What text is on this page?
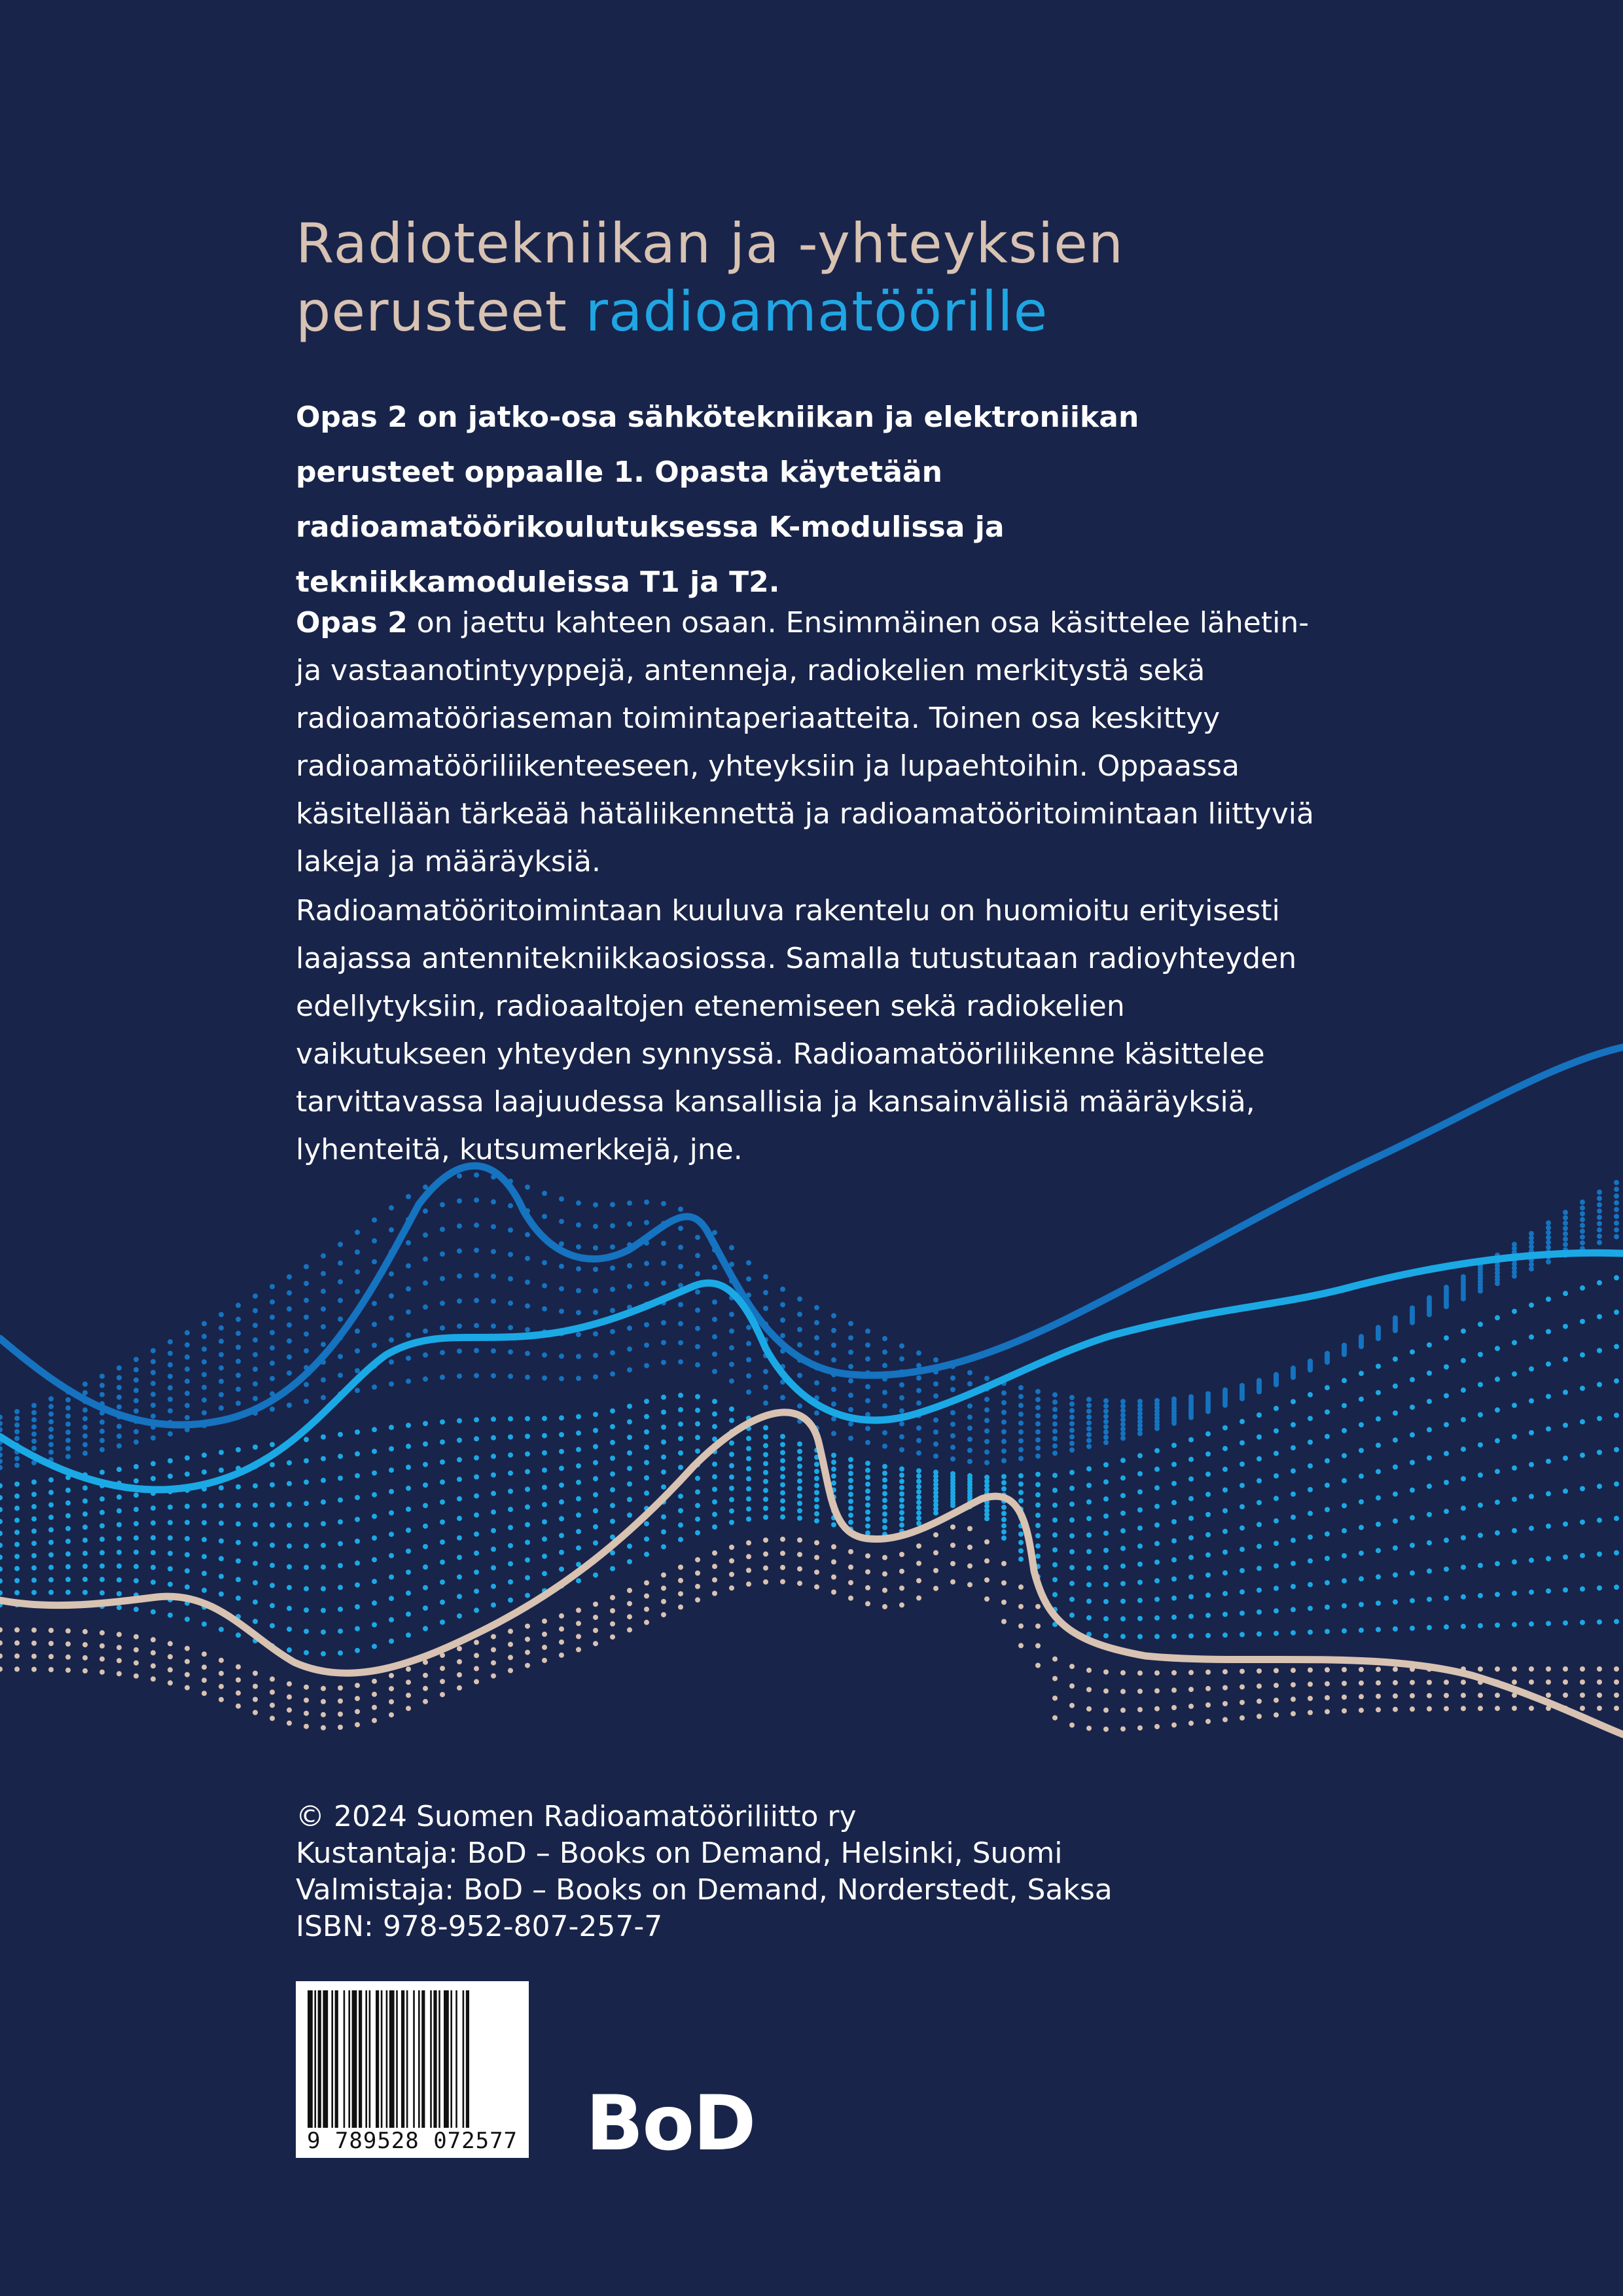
Radiotekniikan ja -yhteyksien
perusteet radioamatöörille

Opas 2 on jatko-osa sähkötekniikan ja elektroniikan perusteet oppaalle 1. Opasta käytetään radioamatöörikoulutuksessa K-modulissa ja tekniikkamoduleissa T1 ja T2.

Opas 2 on jaettu kahteen osaan. Ensimmäinen osa käsittelee lähetin- ja vastaanotintyyppejä, antenneja, radiokelien merkitystä sekä radioamatööriaseman toimintaperiaatteita. Toinen osa keskittyy radioamatööriliikenteeseen, yhteyksiin ja lupaehtoihin. Oppaassa käsitellään tärkeää hätäliikennettä ja radioamatööritoimintaan liittyviä lakeja ja määräyksiä.

Radioamatööritoimintaan kuuluva rakentelu on huomioitu erityisesti laajassa antennitekniikkaosiossa. Samalla tutustutaan radioyhteyden edellytyksiin, radioaaltojen etenemiseen sekä radiokelien vaikutukseen yhteyden synnyssä. Radioamatööriliikenne käsittelee tarvittavassa laajuudessa kansallisia ja kansainvälisiä määräyksiä, lyhenteitä, kutsumerkkejä, jne.

© 2024 Suomen Radioamatööriliitto ry
Kustantaja: BoD – Books on Demand, Helsinki, Suomi
Valmistaja: BoD – Books on Demand, Norderstedt, Saksa
ISBN: 978-952-807-257-7
9 789528 072577 BoD
